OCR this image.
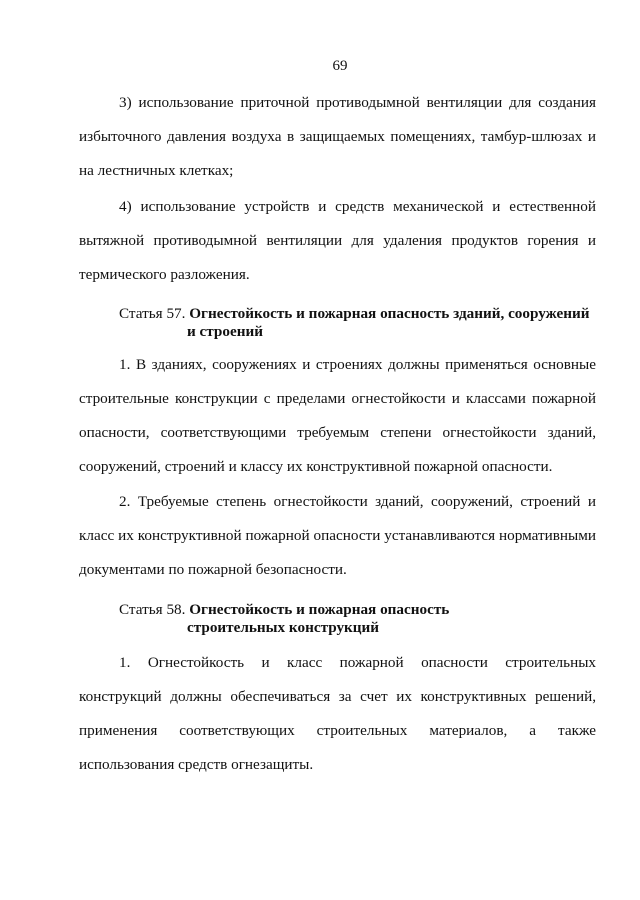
69
3) использование приточной противодымной вентиляции для создания
избыточного давления воздуха в защищаемых помещениях, тамбур-шлюзах и
на лестничных клетках;
4) использование устройств и средств механической и естественной
вытяжной противодымной вентиляции для удаления продуктов горения и
термического разложения.
Статья 57. Огнестойкость и пожарная опасность зданий, сооружений
и строений
1. В зданиях, сооружениях и строениях должны применяться основные
строительные конструкции с пределами огнестойкости и классами пожарной
опасности, соответствующими требуемым степени огнестойкости зданий,
сооружений, строений и классу их конструктивной пожарной опасности.
2. Требуемые степень огнестойкости зданий, сооружений, строений и
класс их конструктивной пожарной опасности устанавливаются нормативными
документами по пожарной безопасности.
Статья 58. Огнестойкость и пожарная опасность
строительных конструкций
1. Огнестойкость и класс пожарной опасности строительных
конструкций должны обеспечиваться за счет их конструктивных решений,
применения соответствующих строительных материалов, а также
использования средств огнезащиты.
